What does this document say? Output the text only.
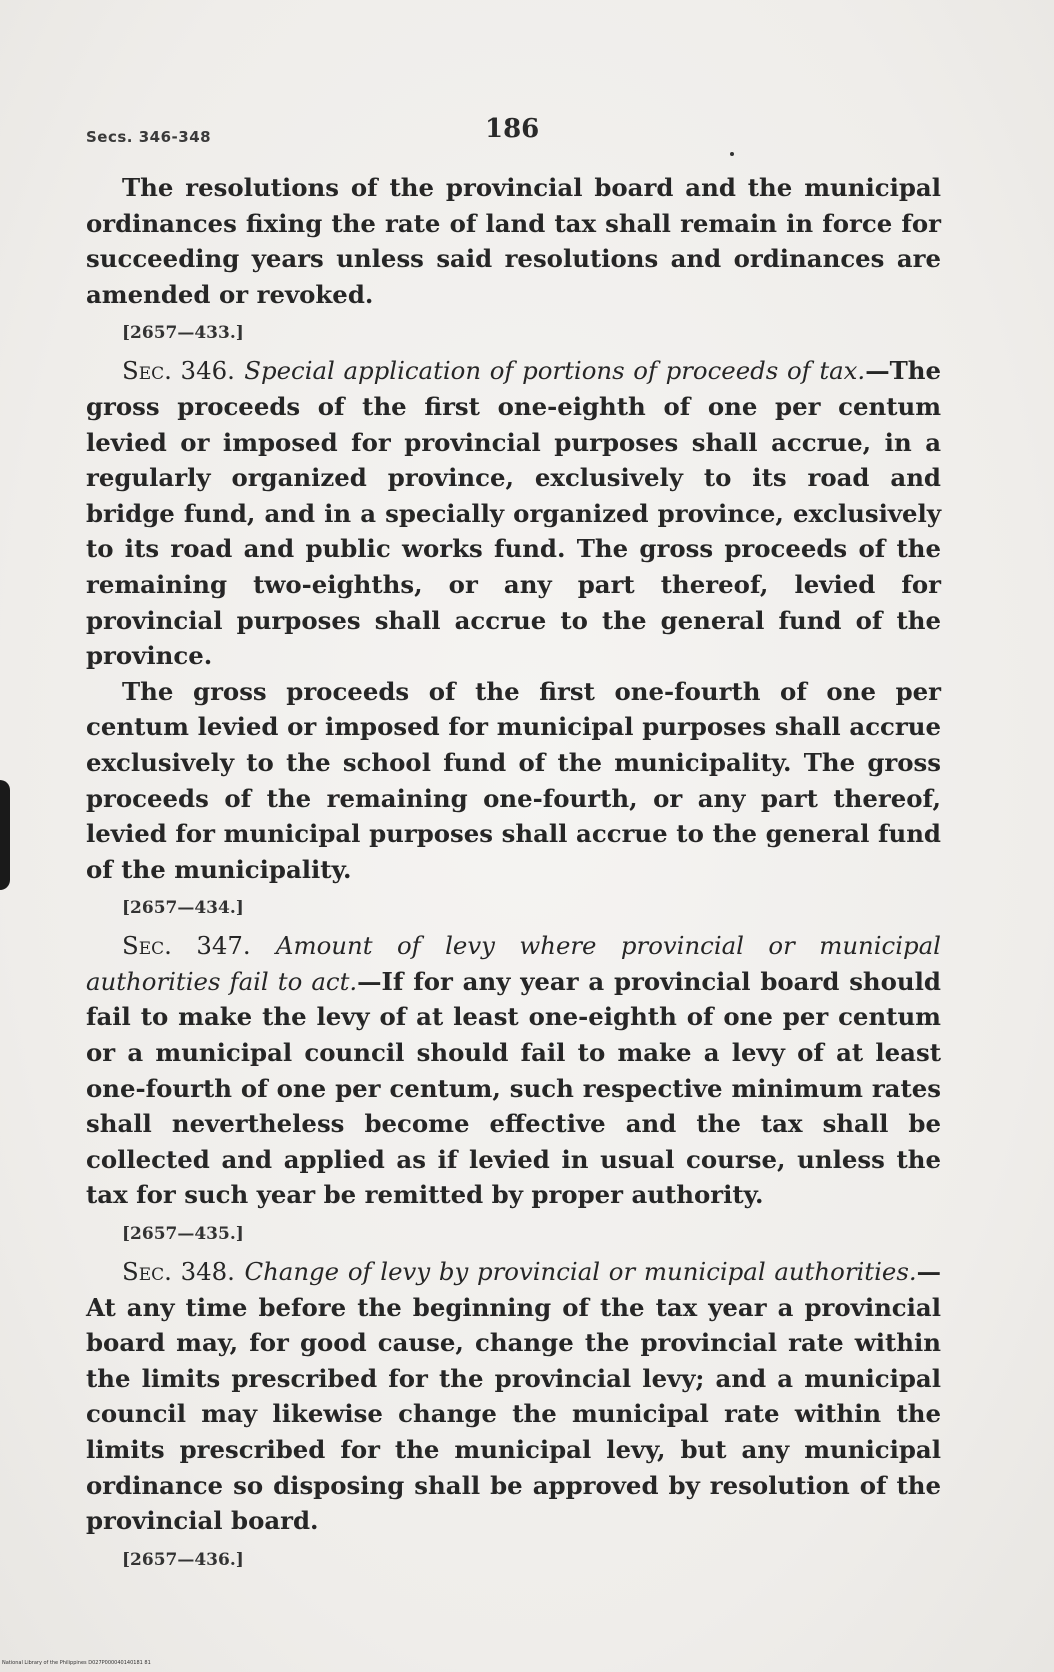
Secs. 346-348	186

The resolutions of the provincial board and the municipal ordinances fixing the rate of land tax shall remain in force for succeeding years unless said resolutions and ordinances are amended or revoked.

[2657—433.]

Sec. 346. Special application of portions of proceeds of tax.—The gross proceeds of the first one-eighth of one per centum levied or imposed for provincial purposes shall accrue, in a regularly organized province, exclusively to its road and bridge fund, and in a specially organized province, exclusively to its road and public works fund. The gross proceeds of the remaining two-eighths, or any part thereof, levied for provincial purposes shall accrue to the general fund of the province.

The gross proceeds of the first one-fourth of one per centum levied or imposed for municipal purposes shall accrue exclusively to the school fund of the municipality. The gross proceeds of the remaining one-fourth, or any part thereof, levied for municipal purposes shall accrue to the general fund of the municipality.

[2657—434.]

Sec. 347. Amount of levy where provincial or municipal authorities fail to act.—If for any year a provincial board should fail to make the levy of at least one-eighth of one per centum or a municipal council should fail to make a levy of at least one-fourth of one per centum, such respective minimum rates shall nevertheless become effective and the tax shall be collected and applied as if levied in usual course, unless the tax for such year be remitted by proper authority.

[2657—435.]

Sec. 348. Change of levy by provincial or municipal authorities.—At any time before the beginning of the tax year a provincial board may, for good cause, change the provincial rate within the limits prescribed for the provincial levy; and a municipal council may likewise change the municipal rate within the limits prescribed for the municipal levy, but any municipal ordinance so disposing shall be approved by resolution of the provincial board.

[2657—436.]
National Library of the Philippines D027P000040140181 81
